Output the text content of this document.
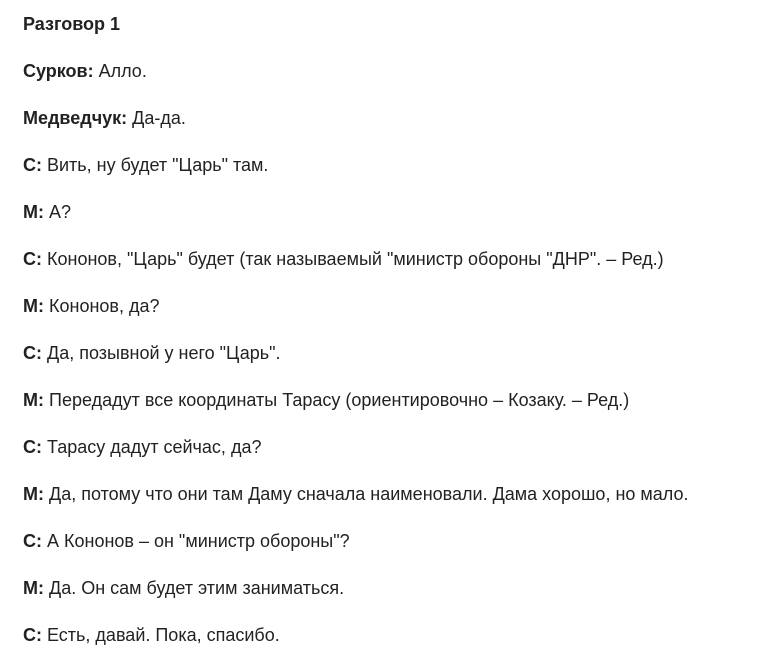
Разговор 1

Сурков: Алло.

Медведчук: Да-да.

С: Вить, ну будет "Царь" там.

М: А?

С: Кононов, "Царь" будет (так называемый "министр обороны "ДНР". – Ред.)

М: Кононов, да?

С: Да, позывной у него "Царь".

М: Передадут все координаты Тарасу (ориентировочно – Козаку. – Ред.)

С: Тарасу дадут сейчас, да?

М: Да, потому что они там Даму сначала наименовали. Дама хорошо, но мало.

С: А Кононов – он "министр обороны"?

М: Да. Он сам будет этим заниматься.

С: Есть, давай. Пока, спасибо.
